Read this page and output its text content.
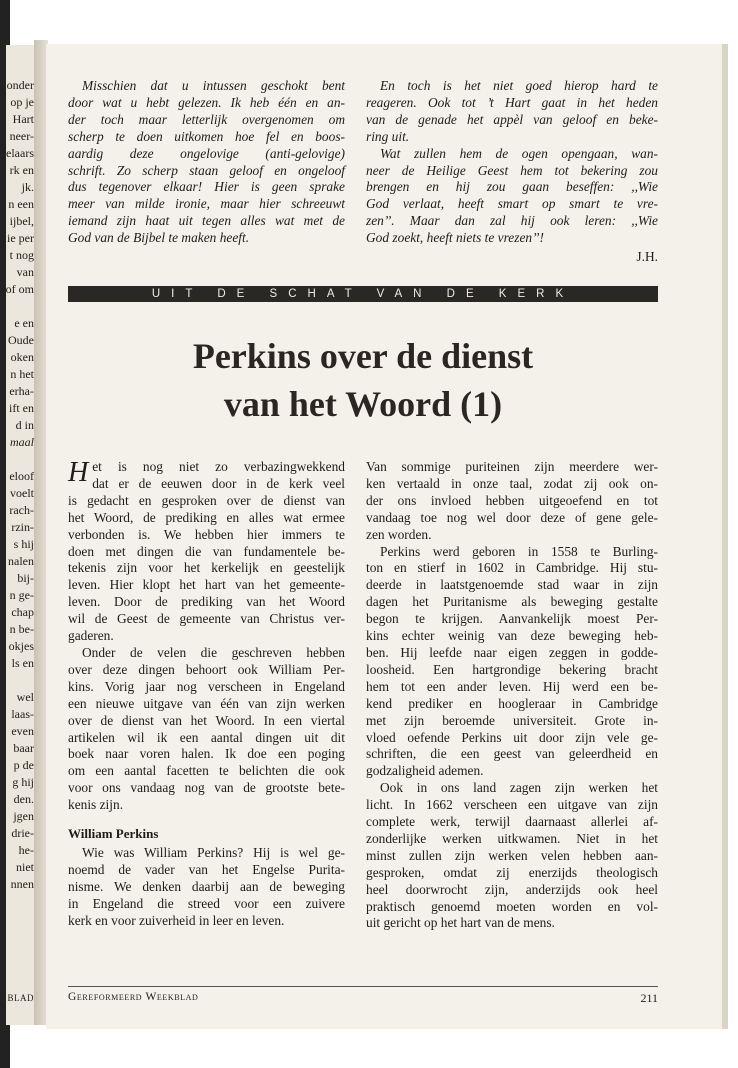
onder
op je
Hart
neer-
elaars
rk en
jk.
n een
ijbel,
ie per
t nog
van
of om
e en
Oude
oken
n het
erha-
ift en
d in
maal
eloof
voelt
rach-
rzin-
s hij
nalen
bij-
n ge-
chap
n be-
okjes
ls en
wel
laas-
even
baar
p de
g hij
den.
jgen
drie-
he-
niet
nnen
BLAD
Misschien dat u intussen geschokt bent
door wat u hebt gelezen. Ik heb één en an-
der toch maar letterlijk overgenomen om
scherp te doen uitkomen hoe fel en boos-
aardig deze ongelovige (anti-gelovige)
schrift. Zo scherp staan geloof en ongeloof
dus tegenover elkaar! Hier is geen sprake
meer van milde ironie, maar hier schreeuwt
iemand zijn haat uit tegen alles wat met de
God van de Bijbel te maken heeft.
En toch is het niet goed hierop hard te
reageren. Ook tot ’t Hart gaat in het heden
van de genade het appèl van geloof en beke-
ring uit.
Wat zullen hem de ogen opengaan, wan-
neer de Heilige Geest hem tot bekering zou
brengen en hij zou gaan beseffen: ,,Wie
God verlaat, heeft smart op smart te vre-
zen’’. Maar dan zal hij ook leren: ,,Wie
God zoekt, heeft niets te vrezen’’!
J.H.
UIT DE SCHAT VAN DE KERK
Perkins over de dienst
van het Woord (1)
H et is nog niet zo verbazingwekkend
dat er de eeuwen door in de kerk veel
is gedacht en gesproken over de dienst van
het Woord, de prediking en alles wat ermee
verbonden is. We hebben hier immers te
doen met dingen die van fundamentele be-
tekenis zijn voor het kerkelijk en geestelijk
leven. Hier klopt het hart van het gemeente-
leven. Door de prediking van het Woord
wil de Geest de gemeente van Christus ver-
gaderen.
Onder de velen die geschreven hebben
over deze dingen behoort ook William Per-
kins. Vorig jaar nog verscheen in Engeland
een nieuwe uitgave van één van zijn werken
over de dienst van het Woord. In een viertal
artikelen wil ik een aantal dingen uit dit
boek naar voren halen. Ik doe een poging
om een aantal facetten te belichten die ook
voor ons vandaag nog van de grootste bete-
kenis zijn.
William Perkins
Wie was William Perkins? Hij is wel ge-
noemd de vader van het Engelse Purita-
nisme. We denken daarbij aan de beweging
in Engeland die streed voor een zuivere
kerk en voor zuiverheid in leer en leven.
Van sommige puriteinen zijn meerdere wer-
ken vertaald in onze taal, zodat zij ook on-
der ons invloed hebben uitgeoefend en tot
vandaag toe nog wel door deze of gene gele-
zen worden.
Perkins werd geboren in 1558 te Burling-
ton en stierf in 1602 in Cambridge. Hij stu-
deerde in laatstgenoemde stad waar in zijn
dagen het Puritanisme als beweging gestalte
begon te krijgen. Aanvankelijk moest Per-
kins echter weinig van deze beweging heb-
ben. Hij leefde naar eigen zeggen in godde-
loosheid. Een hartgrondige bekering bracht
hem tot een ander leven. Hij werd een be-
kend prediker en hoogleraar in Cambridge
met zijn beroemde universiteit. Grote in-
vloed oefende Perkins uit door zijn vele ge-
schriften, die een geest van geleerdheid en
godzaligheid ademen.
Ook in ons land zagen zijn werken het
licht. In 1662 verscheen een uitgave van zijn
complete werk, terwijl daarnaast allerlei af-
zonderlijke werken uitkwamen. Niet in het
minst zullen zijn werken velen hebben aan-
gesproken, omdat zij enerzijds theologisch
heel doorwrocht zijn, anderzijds ook heel
praktisch genoemd moeten worden en vol-
uit gericht op het hart van de mens.
Gereformeerd Weekblad	211
